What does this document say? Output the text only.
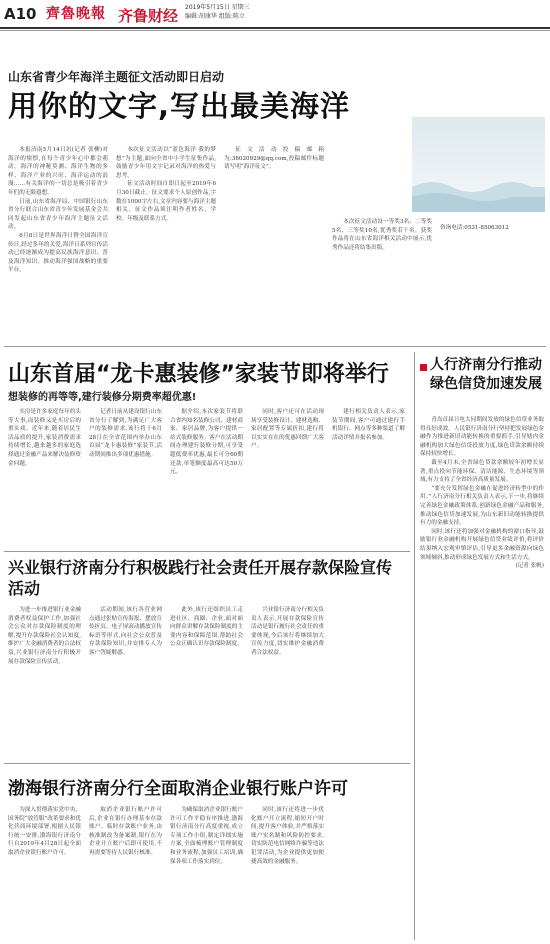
A10 齊魯晚報 齐鲁财经 2019年5月15日 星期三
编辑:胡康华 组版:陈立
山东省青少年海洋主题征文活动即日启动
用你的文字,写出最美海洋

本报济南5月14日讯(记者 张柳)对海洋的憧憬,在每个青少年心中都会萌动。海洋的神秘莫测、海洋生物的多样、海洋产业的兴旺、海洋运动的浪漫……有关海洋的一切总是吸引着青少年们的无限遐想。

日前,山东省海洋局、中国银行山东省分行联合山东省青少年发展基金会共同发起山东省青少年海洋主题征文活动。

6月8日是世界海洋日暨全国海洋宣传日,经过多年的关爱,海洋日系列宣传活动已经逐渐成为提高民族海洋意识、普及海洋知识、推动海洋强国战略的重要平台。

本次征文活动以“蓝色海洋 我的梦想”为主题,面向全省中小学生征集作品,鼓励青少年用文字记录对海洋的热爱与思考。

征文活动时间自即日起至2019年6月30日截止。征文要求个人原创作品,字数在1000字左右,文章内容要与海洋主题相关。征文作品须注明作者姓名、学校、年级及联系方式。

征文活动投稿邮箱为:36020929@qq.com,投稿邮件标题请写明“海洋征文”。

本次征文活动设一等奖3名、二等奖5名、三等奖10名,优秀奖若干名。获奖作品将在山东省海洋相关活动中展示,优秀作品还将结集出版。

咨询电话:0531-85063012

山东首届“龙卡惠装修”家装节即将举行
想装修的再等等,建行装修分期费率超优惠!

买房是许多家庭每年的头等大事,而装修又是买房后的重头戏。近年来,随着居民生活品质的提升,家装消费需求持续增长,越来越多的家庭选择通过金融产品来解决装修资金问题。

记者日前从建设银行山东省分行了解到,为满足广大客户的装修需求,该行将于6月28日在全省范围内举办山东首届“龙卡惠装修”家装节,活动期间推出多项优惠措施。

据介绍,本次家装节将联合省内知名装修公司、建材商家、家居品牌,为客户提供一站式装修服务。客户在活动期间办理建行装修分期,可享受超低费率优惠,最长可分60期还款,单笔额度最高可达50万元。

同时,客户还可在活动现场享受装修设计、建材选购、家居配置等专属折扣,建行将以实实在在的优惠回馈广大客户。

建行相关负责人表示,家装节期间,客户可通过建行手机银行、网点等多种渠道了解活动详情并报名参加。

人行济南分行推动绿色信贷加速发展

青岛首届日电大同期间发放的绿色信贷业务取得良好成效。人民银行济南分行坚持把发展绿色金融作为推进新旧动能转换的重要抓手,引导辖内金融机构加大绿色信贷投放力度,绿色贷款余额持续保持较快增长。

截至4月末,全省绿色贷款余额较年初增长显著,重点投向节能环保、清洁能源、生态环境等领域,有力支持了全省经济高质量发展。

“要充分发挥绿色金融在促进经济转型中的作用。”人行济南分行相关负责人表示,下一步,将继续完善绿色金融政策体系,创新绿色金融产品和服务,推动绿色信贷加速发展,为山东新旧动能转换提供有力的金融支持。

同时,该行还将加强对金融机构的窗口指导,鼓励银行业金融机构开展绿色信贷业绩评价,将评价结果纳入宏观审慎评估,引导更多金融资源向绿色领域倾斜,推动形成绿色发展方式和生活方式。

(记者 张帆)

兴业银行济南分行积极践行社会责任开展存款保险宣传活动

为进一步推进银行业金融消费者权益保护工作,加强社会公众对存款保险制度的理解,提升存款保险社会认知度,维护广大金融消费者的合法权益,兴业银行济南分行积极开展存款保险宣传活动。

活动期间,该行各营业网点通过张贴宣传海报、摆放宣传折页、电子屏滚动播放宣传标语等形式,向社会公众普及存款保险知识,并安排专人为客户答疑解惑。

此外,该行还组织员工走进社区、商圈、企业,面对面向群众讲解存款保险制度的主要内容和保障范围,帮助社会公众正确认识存款保险制度。

兴业银行济南分行相关负责人表示,开展存款保险宣传活动是银行履行社会责任的重要体现,今后该行将继续加大宣传力度,切实维护金融消费者合法权益。

渤海银行济南分行全面取消企业银行账户许可

为深入贯彻落实党中央、国务院“放管服”改革要求和优化营商环境部署,根据人民银行统一安排,渤海银行济南分行自2019年4月28日起全面取消企业银行账户许可。

取消企业银行账户许可后,企业在银行办理基本存款账户、临时存款账户业务,由核准制改为备案制,银行在为企业开立账户后即可使用,不再需要等待人民银行核准。

为确保取消企业银行账户许可工作平稳有序推进,渤海银行济南分行高度重视,成立专项工作小组,制定详细实施方案,全面梳理账户管理制度和业务流程,加强员工培训,确保各项工作落实到位。

同时,该行还将进一步优化账户开立流程,缩短开户时间,提升客户体验,并严格落实账户实名制和风险防控要求,切实防范电信网络诈骗等违法犯罪活动,为企业提供更加便捷高效的金融服务。
